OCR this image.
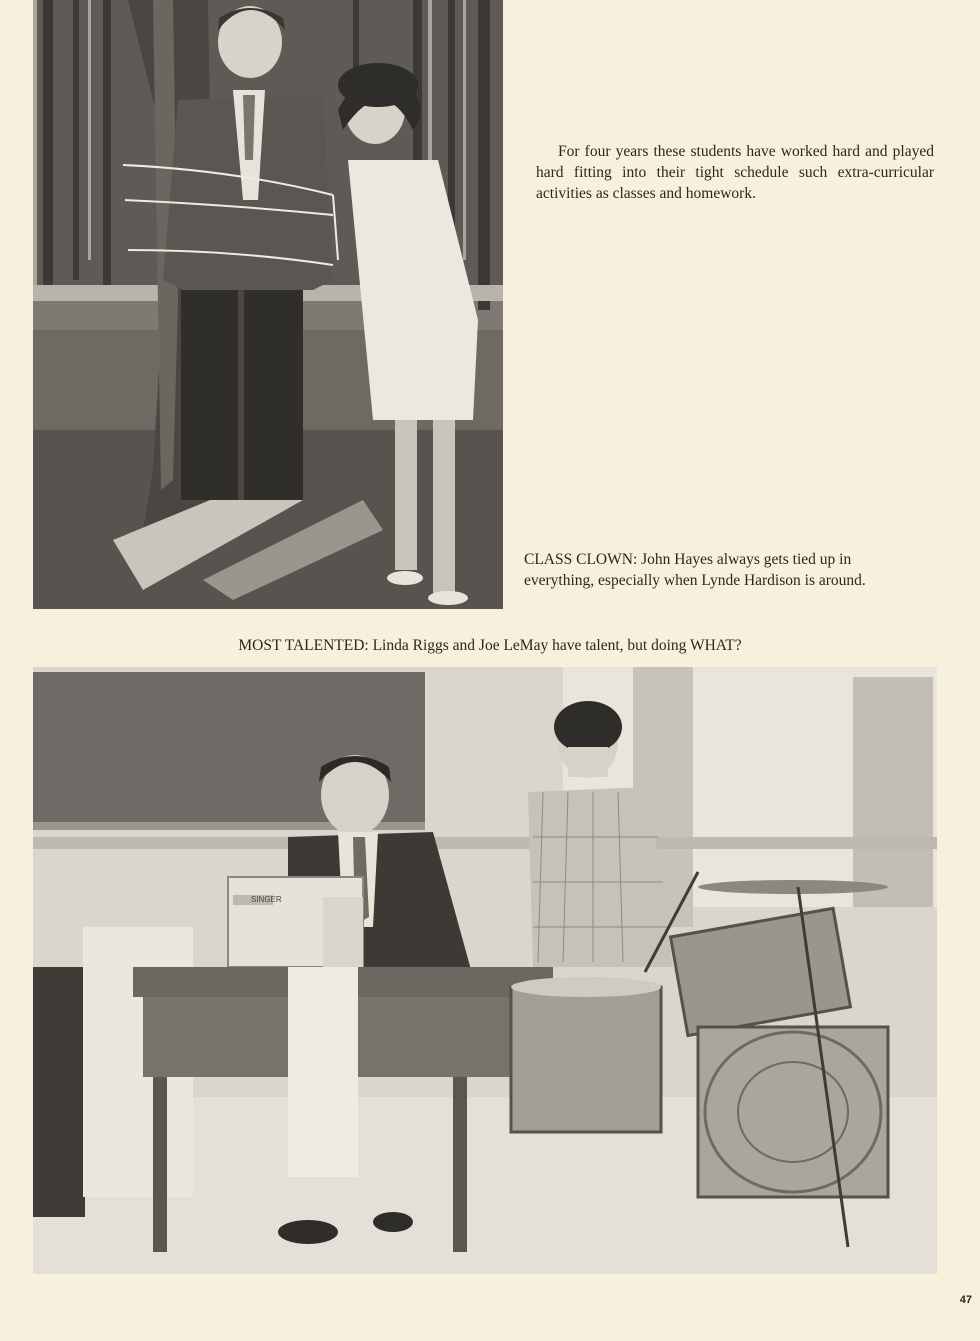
For four years these students have worked hard and played hard fitting into their tight schedule such extra-curricular activities as classes and homework.

CLASS CLOWN: John Hayes always gets tied up in everything, especially when Lynde Hardison is around.

MOST TALENTED: Linda Riggs and Joe LeMay have talent, but doing WHAT?

SINGER
47
